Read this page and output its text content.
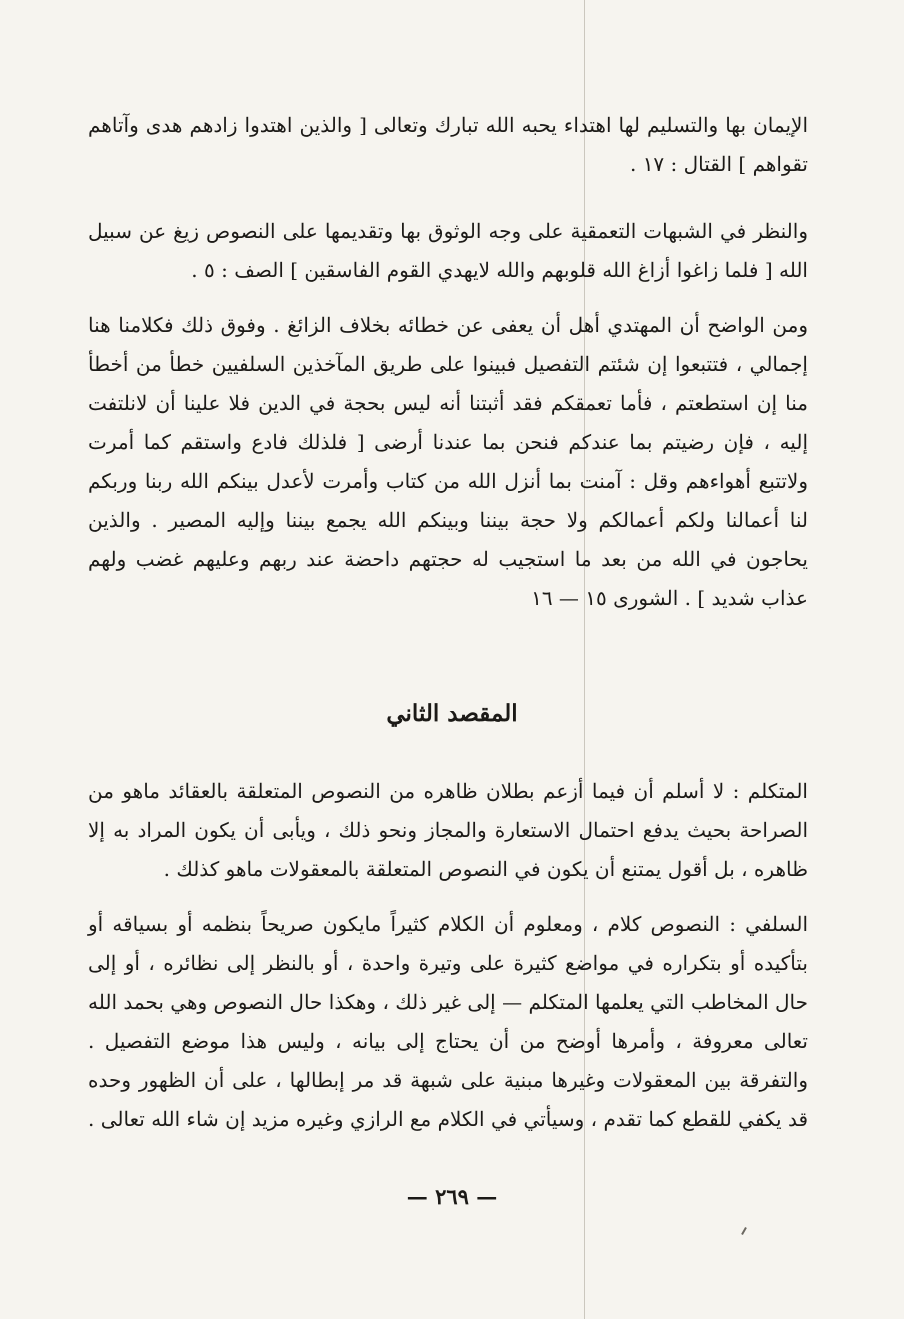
الإيمان بها والتسليم لها اهتداء يحبه الله تبارك وتعالى [ والذين اهتدوا زادهم هدى وآتاهم تقواهم ] القتال : ١٧ .

والنظر في الشبهات التعمقية على وجه الوثوق بها وتقديمها على النصوص زيغ عن سبيل الله [ فلما زاغوا أزاغ الله قلوبهم والله لايهدي القوم الفاسقين ] الصف : ٥ .

ومن الواضح أن المهتدي أهل أن يعفى عن خطائه بخلاف الزائغ . وفوق ذلك فكلامنا هنا إجمالي ، فتتبعوا إن شئتم التفصيل فبينوا على طريق المآخذين السلفيين خطأ من أخطأ منا إن استطعتم ، فأما تعمقكم فقد أثبتنا أنه ليس بحجة في الدين فلا علينا أن لانلتفت إليه ، فإن رضيتم بما عندكم فنحن بما عندنا أرضى [ فلذلك فادع واستقم كما أمرت ولاتتبع أهواءهم وقل : آمنت بما أنزل الله من كتاب وأمرت لأعدل بينكم الله ربنا وربكم لنا أعمالنا ولكم أعمالكم ولا حجة بيننا وبينكم الله يجمع بيننا وإليه المصير . والذين يحاجون في الله من بعد ما استجيب له حجتهم داحضة عند ربهم وعليهم غضب ولهم عذاب شديد ] . الشورى ١٥ — ١٦

المقصد الثاني

المتكلم : لا أسلم أن فيما أزعم بطلان ظاهره من النصوص المتعلقة بالعقائد ماهو من الصراحة بحيث يدفع احتمال الاستعارة والمجاز ونحو ذلك ، ويأبى أن يكون المراد به إلا ظاهره ، بل أقول يمتنع أن يكون في النصوص المتعلقة بالمعقولات ماهو كذلك .

السلفي : النصوص كلام ، ومعلوم أن الكلام كثيراً مايكون صريحاً بنظمه أو بسياقه أو بتأكيده أو بتكراره في مواضع كثيرة على وتيرة واحدة ، أو بالنظر إلى نظائره ، أو إلى حال المخاطب التي يعلمها المتكلم — إلى غير ذلك ، وهكذا حال النصوص وهي بحمد الله تعالى معروفة ، وأمرها أوضح من أن يحتاج إلى بيانه ، وليس هذا موضع التفصيل . والتفرقة بين المعقولات وغيرها مبنية على شبهة قد مر إبطالها ، على أن الظهور وحده قد يكفي للقطع كما تقدم ، وسيأتي في الكلام مع الرازي وغيره مزيد إن شاء الله تعالى .

— ٢٦٩ —
